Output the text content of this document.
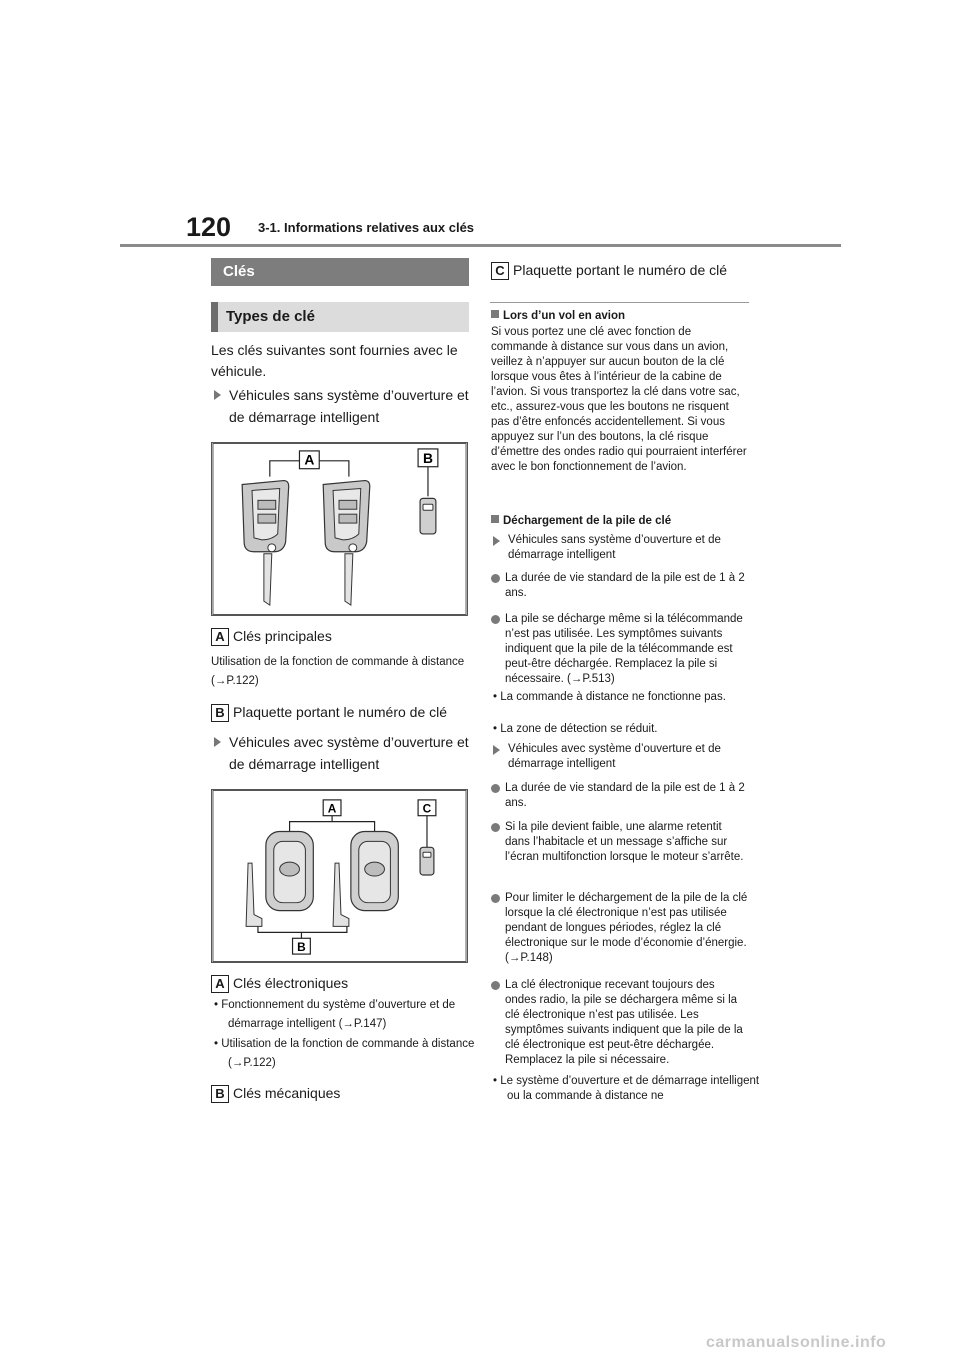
120 3-1. Informations relatives aux clés
Clés
Types de clé
Les clés suivantes sont fournies avec le véhicule.
Véhicules sans système d’ouverture et de démarrage intelligent
A	B
A Clés principales
Utilisation de la fonction de commande à distance (→P.122)
B Plaquette portant le numéro de clé
Véhicules avec système d’ouverture et de démarrage intelligent
A	C
B
A Clés électroniques
• Fonctionnement du système d’ouverture et de démarrage intelligent (→P.147)
• Utilisation de la fonction de commande à distance (→P.122)
B Clés mécaniques
C Plaquette portant le numéro de clé
Lors d’un vol en avion
Si vous portez une clé avec fonction de commande à distance sur vous dans un avion, veillez à n’appuyer sur aucun bouton de la clé lorsque vous êtes à l’intérieur de la cabine de l’avion. Si vous transportez la clé dans votre sac, etc., assurez-vous que les boutons ne risquent pas d’être enfoncés accidentellement. Si vous appuyez sur l’un des boutons, la clé risque d’émettre des ondes radio qui pourraient interférer avec le bon fonctionnement de l’avion.
Déchargement de la pile de clé
Véhicules sans système d’ouverture et de démarrage intelligent
La durée de vie standard de la pile est de 1 à 2 ans.
La pile se décharge même si la télécommande n’est pas utilisée. Les symptômes suivants indiquent que la pile de la télécommande est peut-être déchargée. Remplacez la pile si nécessaire. (→P.513)
• La commande à distance ne fonctionne pas.
• La zone de détection se réduit.
Véhicules avec système d’ouverture et de démarrage intelligent
La durée de vie standard de la pile est de 1 à 2 ans.
Si la pile devient faible, une alarme retentit dans l’habitacle et un message s’affiche sur l’écran multifonction lorsque le moteur s’arrête.
Pour limiter le déchargement de la pile de la clé lorsque la clé électronique n’est pas utilisée pendant de longues périodes, réglez la clé électronique sur le mode d’économie d’énergie. (→P.148)
La clé électronique recevant toujours des ondes radio, la pile se déchargera même si la clé électronique n’est pas utilisée. Les symptômes suivants indiquent que la pile de la clé électronique est peut-être déchargée. Remplacez la pile si nécessaire.
• Le système d’ouverture et de démarrage intelligent ou la commande à distance ne
carmanualsonline.info
